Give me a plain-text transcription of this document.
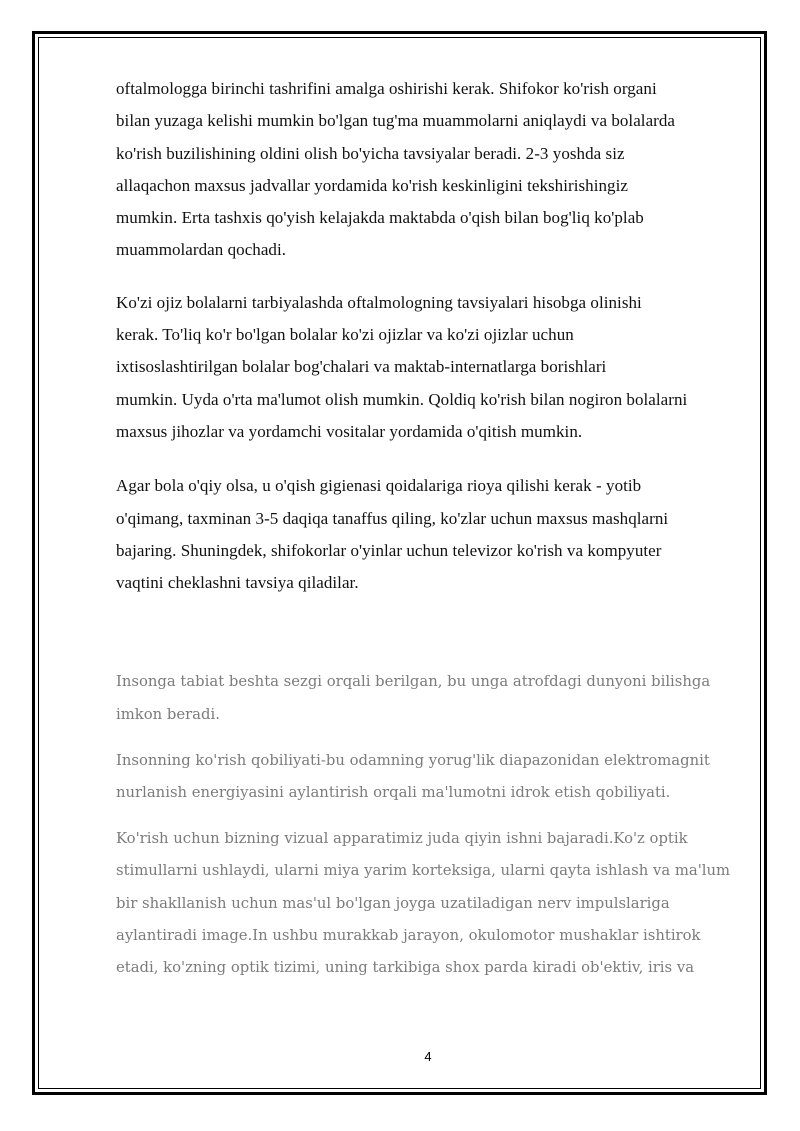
oftalmologga birinchi tashrifini amalga oshirishi kerak. Shifokor ko'rish organi
bilan yuzaga kelishi mumkin bo'lgan tug'ma muammolarni aniqlaydi va bolalarda
ko'rish buzilishining oldini olish bo'yicha tavsiyalar beradi. 2-3 yoshda siz
allaqachon maxsus jadvallar yordamida ko'rish keskinligini tekshirishingiz
mumkin. Erta tashxis qo'yish kelajakda maktabda o'qish bilan bog'liq ko'plab
muammolardan qochadi.

Ko'zi ojiz bolalarni tarbiyalashda oftalmologning tavsiyalari hisobga olinishi
kerak. To'liq ko'r bo'lgan bolalar ko'zi ojizlar va ko'zi ojizlar uchun
ixtisoslashtirilgan bolalar bog'chalari va maktab-internatlarga borishlari
mumkin. Uyda o'rta ma'lumot olish mumkin. Qoldiq ko'rish bilan nogiron bolalarni
maxsus jihozlar va yordamchi vositalar yordamida o'qitish mumkin.

Agar bola o'qiy olsa, u o'qish gigienasi qoidalariga rioya qilishi kerak - yotib
o'qimang, taxminan 3-5 daqiqa tanaffus qiling, ko'zlar uchun maxsus mashqlarni
bajaring. Shuningdek, shifokorlar o'yinlar uchun televizor ko'rish va kompyuter
vaqtini cheklashni tavsiya qiladilar.

Insonga tabiat beshta sezgi orqali berilgan, bu unga atrofdagi dunyoni bilishga
imkon beradi.

Insonning ko'rish qobiliyati-bu odamning yorug'lik diapazonidan elektromagnit
nurlanish energiyasini aylantirish orqali ma'lumotni idrok etish qobiliyati.

Ko'rish uchun bizning vizual apparatimiz juda qiyin ishni bajaradi.Ko'z optik
stimullarni ushlaydi, ularni miya yarim korteksiga, ularni qayta ishlash va ma'lum
bir shakllanish uchun mas'ul bo'lgan joyga uzatiladigan nerv impulslariga
aylantiradi image.In ushbu murakkab jarayon, okulomotor mushaklar ishtirok
etadi, ko'zning optik tizimi, uning tarkibiga shox parda kiradi ob'ektiv, iris va

4
